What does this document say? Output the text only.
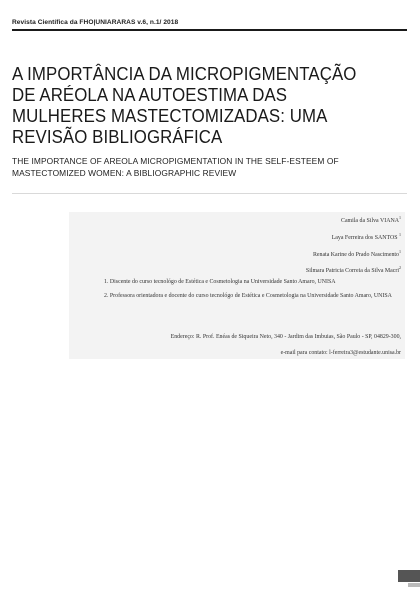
Revista Científica da FHO|UNIARARAS v.6, n.1/ 2018
A IMPORTÂNCIA DA MICROPIGMENTAÇÃO DE ARÉOLA NA AUTOESTIMA DAS MULHERES MASTECTOMIZADAS: UMA REVISÃO BIBLIOGRÁFICA

THE IMPORTANCE OF AREOLA MICROPIGMENTATION IN THE SELF-ESTEEM OF MASTECTOMIZED WOMEN: A BIBLIOGRAPHIC REVIEW

Camila da Silva VIANA$^1$
Laya Ferreira dos SANTOS $^1$
Renata Karine do Prado Nascimento$^1$
Silmara Patricia Correia da Silva Macri$^2$
1. Discente do curso tecnológo de Estética e Cosmetologia na Universidade Santo Amaro, UNISA
2. Professora orientadora e docente do curso tecnológo de Estética e Cosmetologia na Universidade Santo Amaro, UNISA
Endereço: R. Prof. Enéas de Siqueira Neto, 340 - Jardim das Imbuias, São Paulo - SP, 04829-300,
e-mail para contato: l-ferreira3@estudante.unisa.br
